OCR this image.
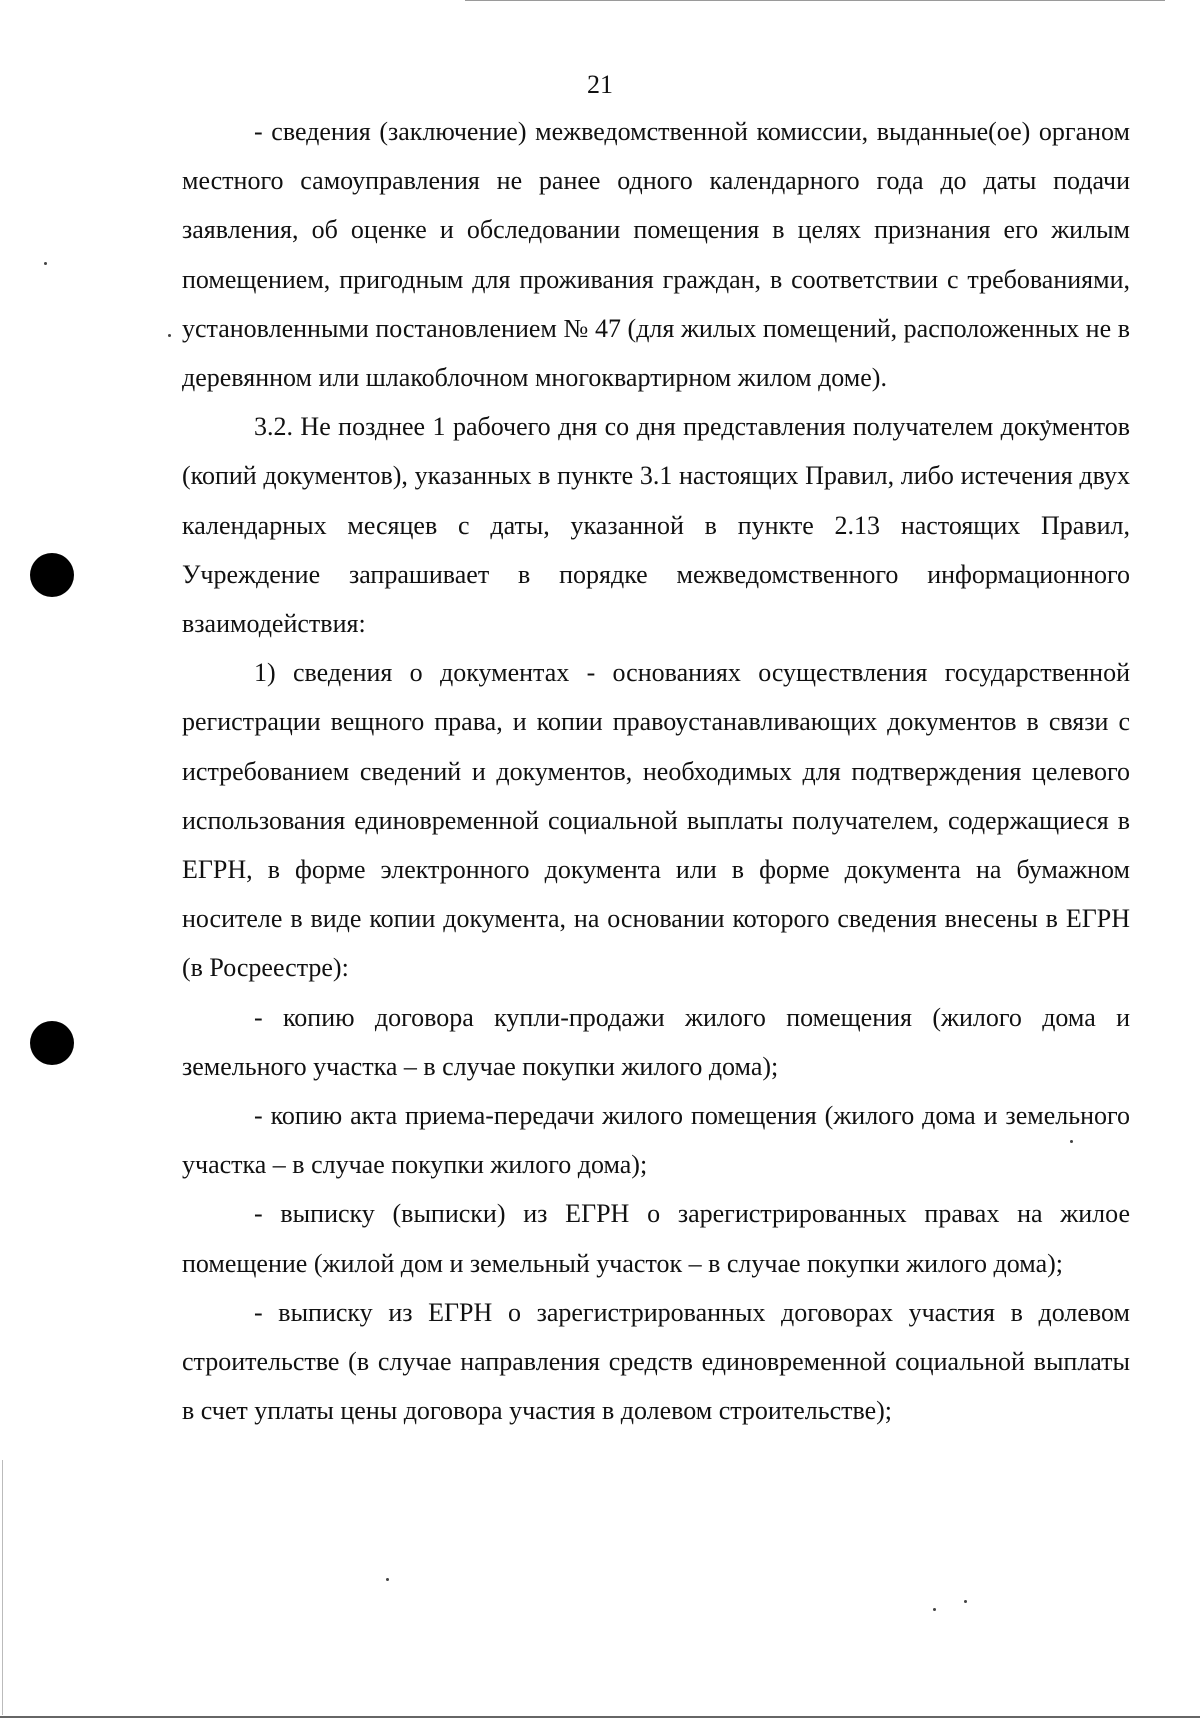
21

- сведения (заключение) межведомственной комиссии, выданные(ое) органом местного самоуправления не ранее одного календарного года до даты подачи заявления, об оценке и обследовании помещения в целях признания его жилым помещением, пригодным для проживания граждан, в соответствии с требованиями, установленными постановлением № 47 (для жилых помещений, расположенных не в деревянном или шлакоблочном многоквартирном жилом доме).

3.2. Не позднее 1 рабочего дня со дня представления получателем документов (копий документов), указанных в пункте 3.1 настоящих Правил, либо истечения двух календарных месяцев с даты, указанной в пункте 2.13 настоящих Правил, Учреждение запрашивает в порядке межведомственного информационного взаимодействия:

1) сведения о документах - основаниях осуществления государственной регистрации вещного права, и копии правоустанавливающих документов в связи с истребованием сведений и документов, необходимых для подтверждения целевого использования единовременной социальной выплаты получателем, содержащиеся в ЕГРН, в форме электронного документа или в форме документа на бумажном носителе в виде копии документа, на основании которого сведения внесены в ЕГРН (в Росреестре):

- копию договора купли-продажи жилого помещения (жилого дома и земельного участка – в случае покупки жилого дома);

- копию акта приема-передачи жилого помещения (жилого дома и земельного участка – в случае покупки жилого дома);

- выписку (выписки) из ЕГРН о зарегистрированных правах на жилое помещение (жилой дом и земельный участок – в случае покупки жилого дома);

- выписку из ЕГРН о зарегистрированных договорах участия в долевом строительстве (в случае направления средств единовременной социальной выплаты в счет уплаты цены договора участия в долевом строительстве);
